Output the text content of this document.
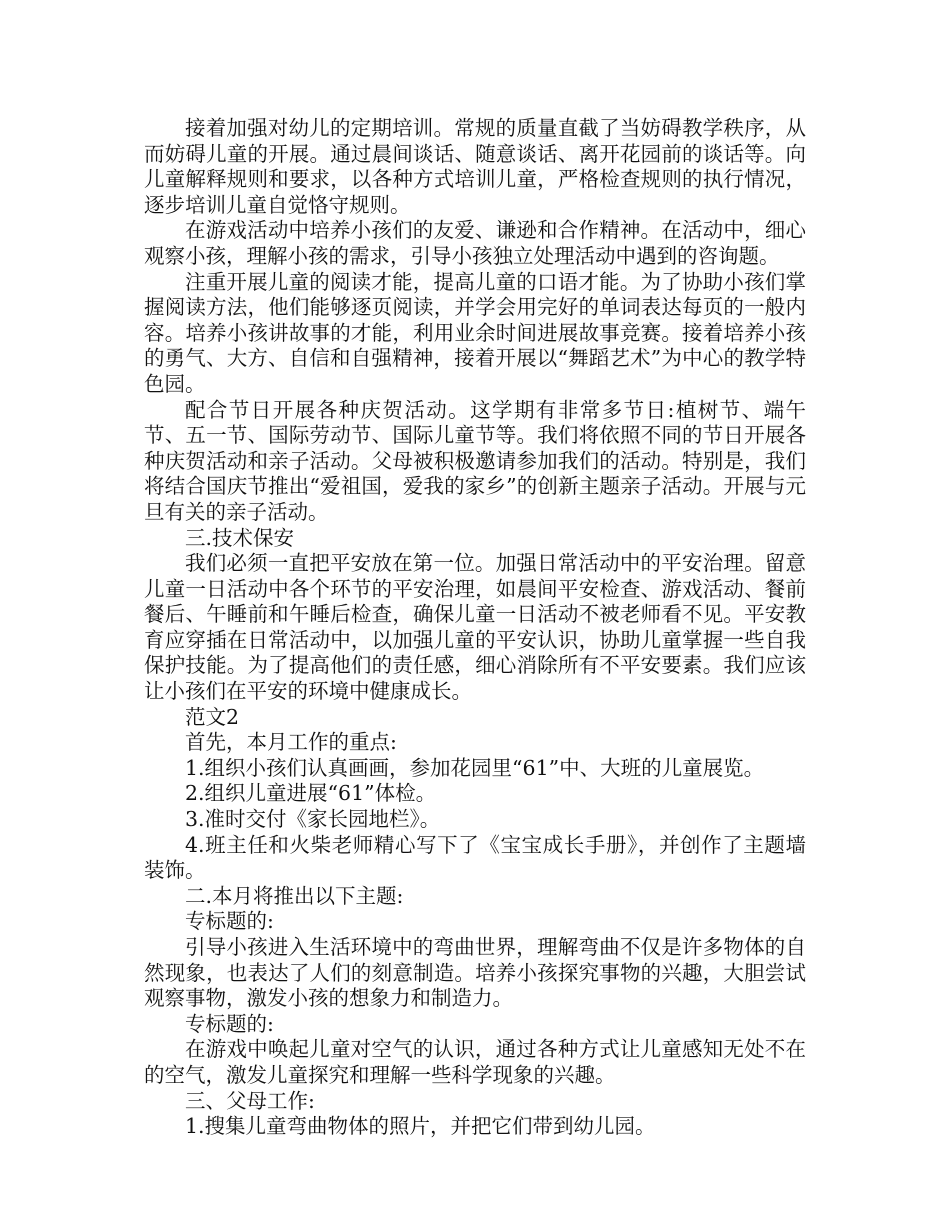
接着加强对幼儿的定期培训。常规的质量直截了当妨碍教学秩序，从而妨碍儿童的开展。通过晨间谈话、随意谈话、离开花园前的谈话等。向儿童解释规则和要求，以各种方式培训儿童，严格检查规则的执行情况，逐步培训儿童自觉恪守规则。

在游戏活动中培养小孩们的友爱、谦逊和合作精神。在活动中，细心观察小孩，理解小孩的需求，引导小孩独立处理活动中遇到的咨询题。

注重开展儿童的阅读才能，提高儿童的口语才能。为了协助小孩们掌握阅读方法，他们能够逐页阅读，并学会用完好的单词表达每页的一般内容。培养小孩讲故事的才能，利用业余时间进展故事竞赛。接着培养小孩的勇气、大方、自信和自强精神，接着开展以“舞蹈艺术”为中心的教学特色园。

配合节日开展各种庆贺活动。这学期有非常多节日:植树节、端午节、五一节、国际劳动节、国际儿童节等。我们将依照不同的节日开展各种庆贺活动和亲子活动。父母被积极邀请参加我们的活动。特别是，我们将结合国庆节推出“爱祖国，爱我的家乡”的创新主题亲子活动。开展与元旦有关的亲子活动。

三.技术保安

我们必须一直把平安放在第一位。加强日常活动中的平安治理。留意儿童一日活动中各个环节的平安治理，如晨间平安检查、游戏活动、餐前餐后、午睡前和午睡后检查，确保儿童一日活动不被老师看不见。平安教育应穿插在日常活动中，以加强儿童的平安认识，协助儿童掌握一些自我保护技能。为了提高他们的责任感，细心消除所有不平安要素。我们应该让小孩们在平安的环境中健康成长。

范文2

首先，本月工作的重点:

1.组织小孩们认真画画，参加花园里“61”中、大班的儿童展览。

2.组织儿童进展“61”体检。

3.准时交付《家长园地栏》。

4.班主任和火柴老师精心写下了《宝宝成长手册》，并创作了主题墙装饰。

二.本月将推出以下主题:

专标题的:

引导小孩进入生活环境中的弯曲世界，理解弯曲不仅是许多物体的自然现象，也表达了人们的刻意制造。培养小孩探究事物的兴趣，大胆尝试观察事物，激发小孩的想象力和制造力。

专标题的:

在游戏中唤起儿童对空气的认识，通过各种方式让儿童感知无处不在的空气，激发儿童探究和理解一些科学现象的兴趣。

三、父母工作:

1.搜集儿童弯曲物体的照片，并把它们带到幼儿园。
